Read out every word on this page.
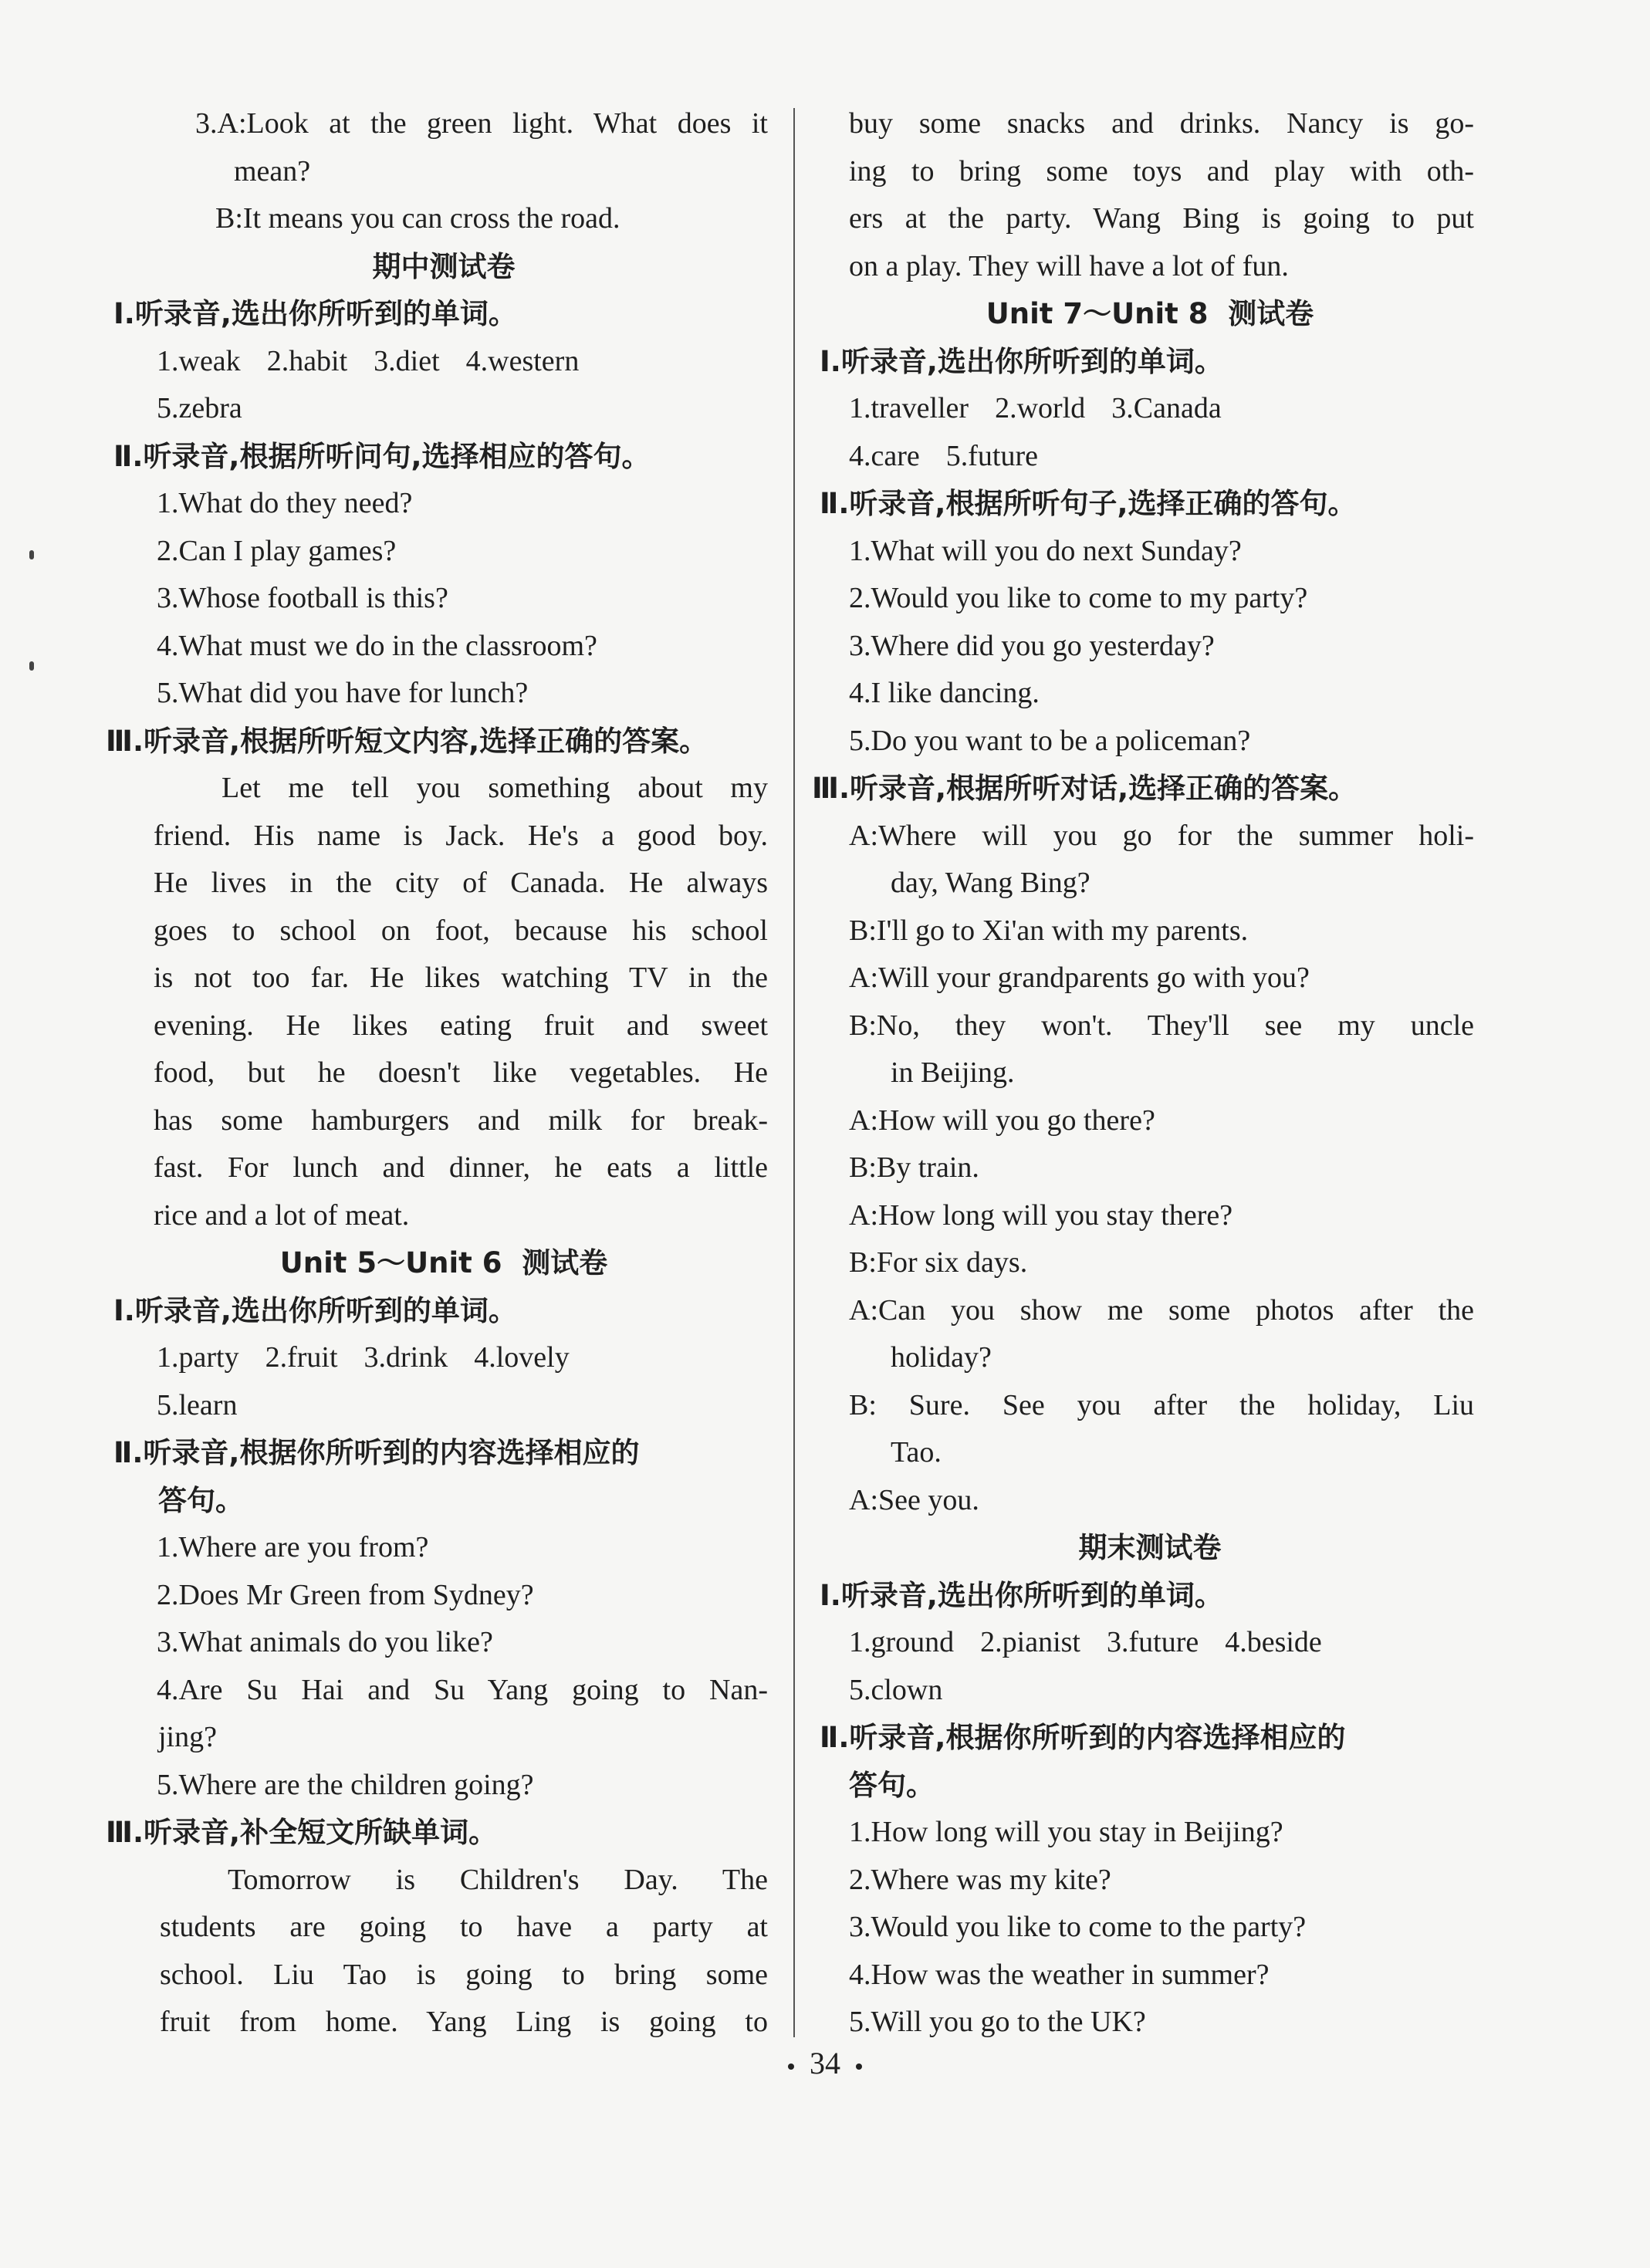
3.A:Look at the green light. What does it
mean?
B:It means you can cross the road.
期中测试卷
Ⅰ.听录音,选出你所听到的单词。
1.weak 2.habit 3.diet 4.western
5.zebra
Ⅱ.听录音,根据所听问句,选择相应的答句。
1.What do they need?
2.Can I play games?
3.Whose football is this?
4.What must we do in the classroom?
5.What did you have for lunch?
Ⅲ.听录音,根据所听短文内容,选择正确的答案。
Let me tell you something about my
friend. His name is Jack. He's a good boy.
He lives in the city of Canada. He always
goes to school on foot, because his school
is not too far. He likes watching TV in the
evening. He likes eating fruit and sweet
food, but he doesn't like vegetables. He
has some hamburgers and milk for break-
fast. For lunch and dinner, he eats a little
rice and a lot of meat.
Unit 5～Unit 6  测试卷
Ⅰ.听录音,选出你所听到的单词。
1.party 2.fruit 3.drink 4.lovely
5.learn
Ⅱ.听录音,根据你所听到的内容选择相应的
答句。
1.Where are you from?
2.Does Mr Green from Sydney?
3.What animals do you like?
4.Are Su Hai and Su Yang going to Nan-
jing?
5.Where are the children going?
Ⅲ.听录音,补全短文所缺单词。
Tomorrow is Children's Day. The
students are going to have a party at
school. Liu Tao is going to bring some
fruit from home. Yang Ling is going to
buy some snacks and drinks. Nancy is go-
ing to bring some toys and play with oth-
ers at the party. Wang Bing is going to put
on a play. They will have a lot of fun.
Unit 7～Unit 8  测试卷
Ⅰ.听录音,选出你所听到的单词。
1.traveller 2.world 3.Canada
4.care 5.future
Ⅱ.听录音,根据所听句子,选择正确的答句。
1.What will you do next Sunday?
2.Would you like to come to my party?
3.Where did you go yesterday?
4.I like dancing.
5.Do you want to be a policeman?
Ⅲ.听录音,根据所听对话,选择正确的答案。
A:Where will you go for the summer holi-
day, Wang Bing?
B:I'll go to Xi'an with my parents.
A:Will your grandparents go with you?
B:No, they won't. They'll see my uncle
in Beijing.
A:How will you go there?
B:By train.
A:How long will you stay there?
B:For six days.
A:Can you show me some photos after the
holiday?
B: Sure. See you after the holiday, Liu
Tao.
A:See you.
期末测试卷
Ⅰ.听录音,选出你所听到的单词。
1.ground 2.pianist 3.future 4.beside
5.clown
Ⅱ.听录音,根据你所听到的内容选择相应的
答句。
1.How long will you stay in Beijing?
2.Where was my kite?
3.Would you like to come to the party?
4.How was the weather in summer?
5.Will you go to the UK?
34
